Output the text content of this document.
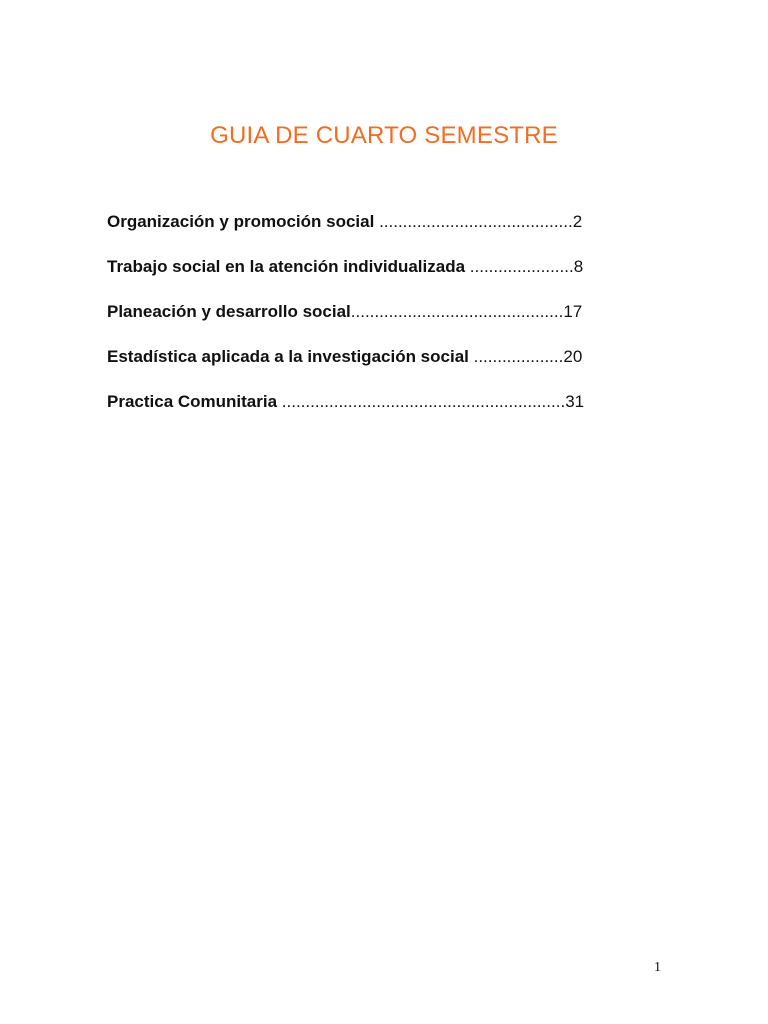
GUIA DE CUARTO SEMESTRE
Organización y promoción social .........................................2
Trabajo social en la atención individualizada ......................8
Planeación y desarrollo social.............................................17
Estadística aplicada a la investigación social ...................20
Practica Comunitaria ............................................................31
1
